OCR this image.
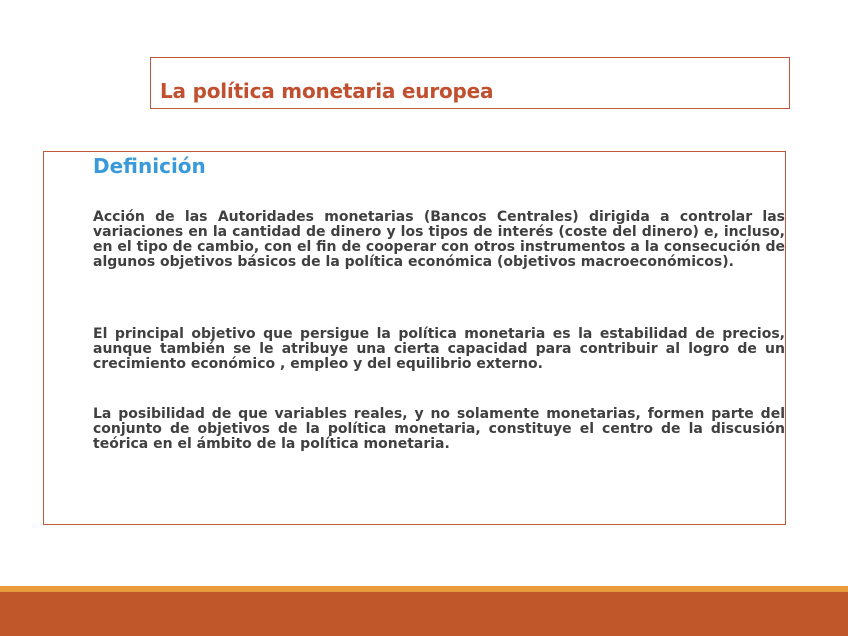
La política monetaria europea
Definición

Acción de las Autoridades monetarias (Bancos Centrales) dirigida a controlar las variaciones en la cantidad de dinero y los tipos de interés (coste del dinero) e, incluso, en el tipo de cambio, con el fin de cooperar con otros instrumentos a la consecución de algunos objetivos básicos de la política económica (objetivos macroeconómicos).

El principal objetivo que persigue la política monetaria es la estabilidad de precios, aunque también se le atribuye una cierta capacidad para contribuir al logro de un crecimiento económico , empleo y del equilibrio externo.

La posibilidad de que variables reales, y no solamente monetarias, formen parte del conjunto de objetivos de la política monetaria, constituye el centro de la discusión teórica en el ámbito de la política monetaria.
